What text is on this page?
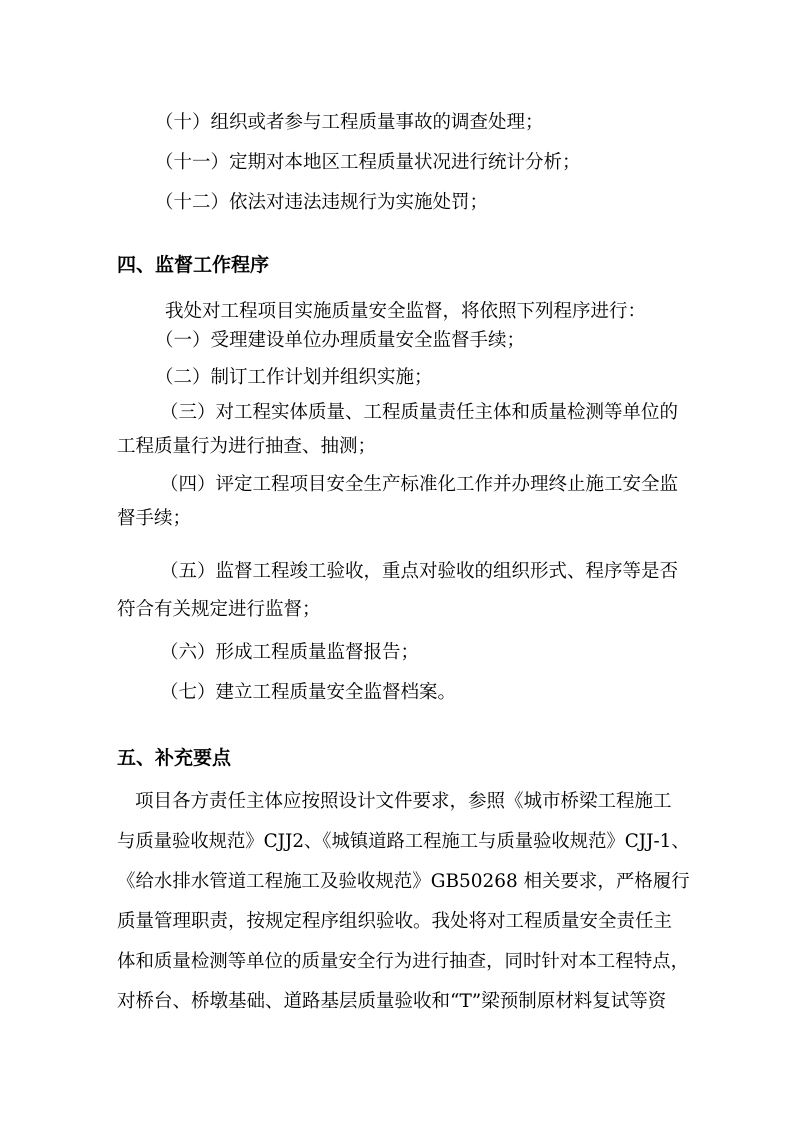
（十）组织或者参与工程质量事故的调查处理；
（十一）定期对本地区工程质量状况进行统计分析；
（十二）依法对违法违规行为实施处罚；
四、监督工作程序
我处对工程项目实施质量安全监督，将依照下列程序进行：
（一）受理建设单位办理质量安全监督手续；
（二）制订工作计划并组织实施；
（三）对工程实体质量、工程质量责任主体和质量检测等单位的
工程质量行为进行抽查、抽测；
（四）评定工程项目安全生产标准化工作并办理终止施工安全监
督手续；
（五）监督工程竣工验收，重点对验收的组织形式、程序等是否
符合有关规定进行监督；
（六）形成工程质量监督报告；
（七）建立工程质量安全监督档案。
五、补充要点
项目各方责任主体应按照设计文件要求，参照《城市桥梁工程施工
与质量验收规范》CJJ2、《城镇道路工程施工与质量验收规范》CJJ-1、
《给水排水管道工程施工及验收规范》GB50268 相关要求，严格履行
质量管理职责，按规定程序组织验收。我处将对工程质量安全责任主
体和质量检测等单位的质量安全行为进行抽查，同时针对本工程特点，
对桥台、桥墩基础、道路基层质量验收和“T”梁预制原材料复试等资
